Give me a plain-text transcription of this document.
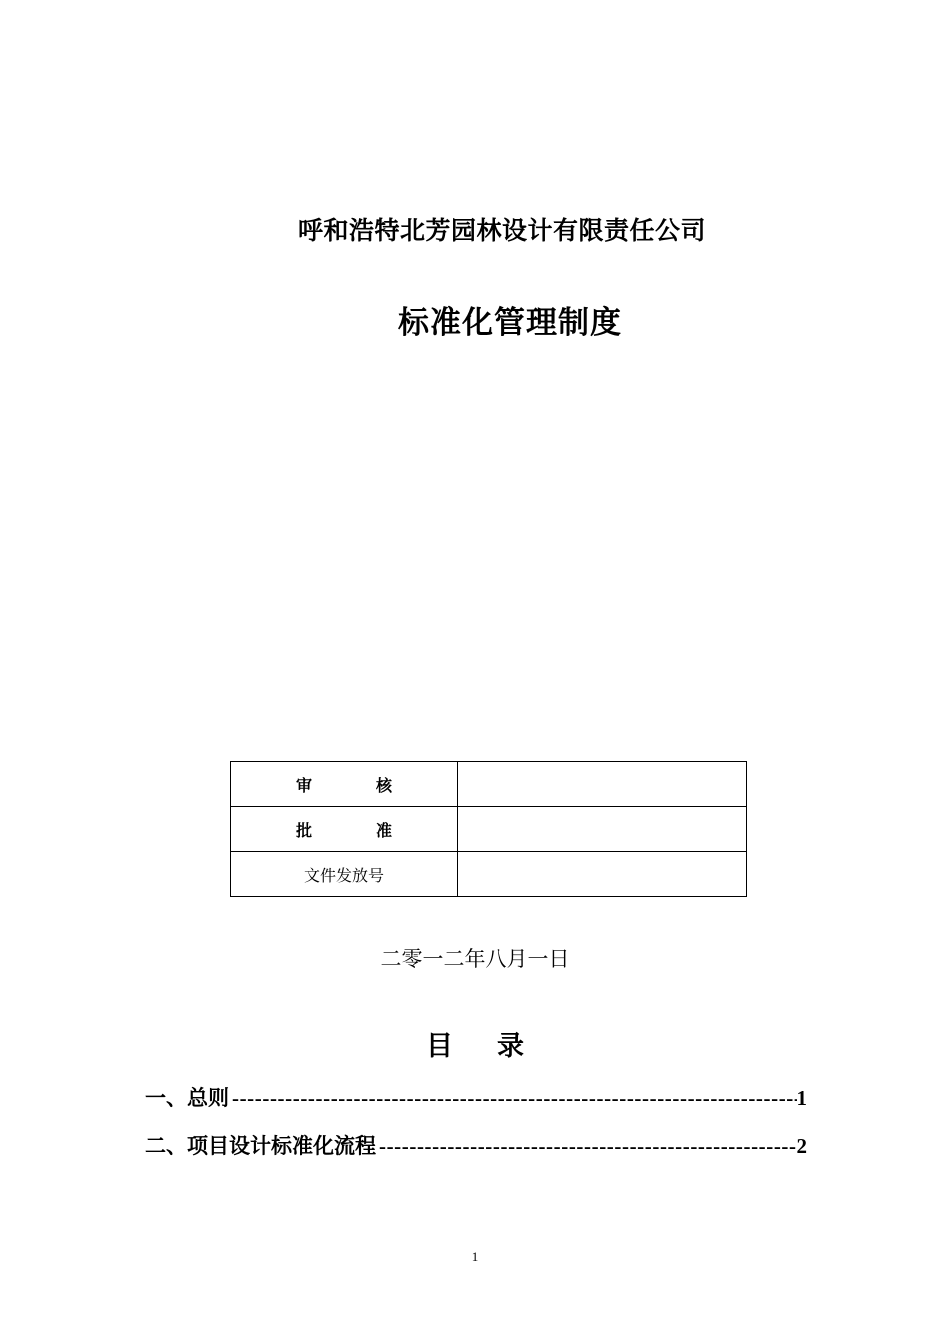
呼和浩特北芳园林设计有限责任公司
标准化管理制度
审 核	

批 准	

文件发放号	
二零一二年八月一日
目 录
一、总则 -----	1
二、项目设计标准化流程 -----	2
1
